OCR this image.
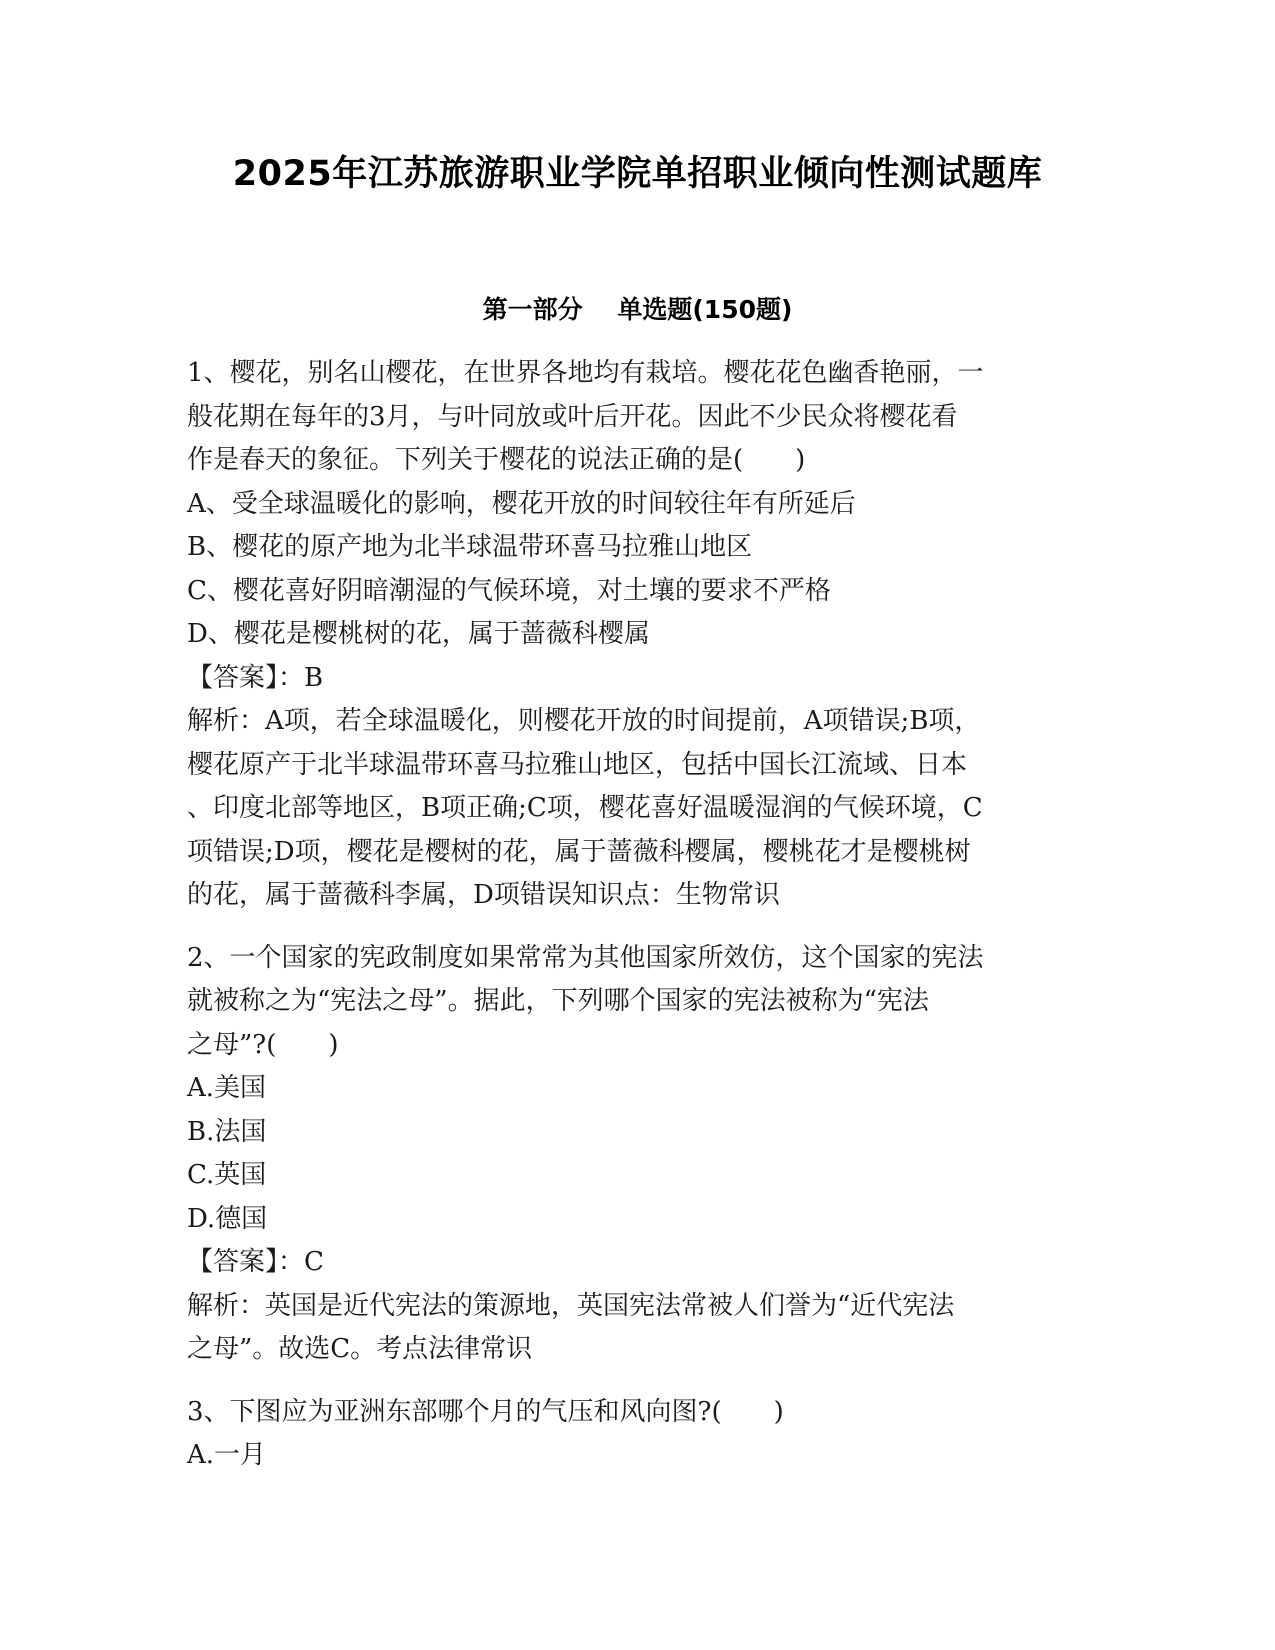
2025年江苏旅游职业学院单招职业倾向性测试题库
第一部分    单选题(150题)
1、樱花，别名山樱花，在世界各地均有栽培。樱花花色幽香艳丽，一
般花期在每年的3月，与叶同放或叶后开花。因此不少民众将樱花看
作是春天的象征。下列关于樱花的说法正确的是(　　)
A、受全球温暖化的影响，樱花开放的时间较往年有所延后
B、樱花的原产地为北半球温带环喜马拉雅山地区
C、樱花喜好阴暗潮湿的气候环境，对土壤的要求不严格
D、樱花是樱桃树的花，属于蔷薇科樱属
【答案】：B
解析：A项，若全球温暖化，则樱花开放的时间提前，A项错误;B项，
樱花原产于北半球温带环喜马拉雅山地区，包括中国长江流域、日本
、印度北部等地区，B项正确;C项，樱花喜好温暖湿润的气候环境，C
项错误;D项，樱花是樱树的花，属于蔷薇科樱属，樱桃花才是樱桃树
的花，属于蔷薇科李属，D项错误知识点：生物常识
2、一个国家的宪政制度如果常常为其他国家所效仿，这个国家的宪法
就被称之为“宪法之母”。据此，下列哪个国家的宪法被称为“宪法
之母”?(　　)
A.美国
B.法国
C.英国
D.德国
【答案】：C
解析：英国是近代宪法的策源地，英国宪法常被人们誉为“近代宪法
之母”。故选C。考点法律常识
3、下图应为亚洲东部哪个月的气压和风向图?(　　)
A.一月
